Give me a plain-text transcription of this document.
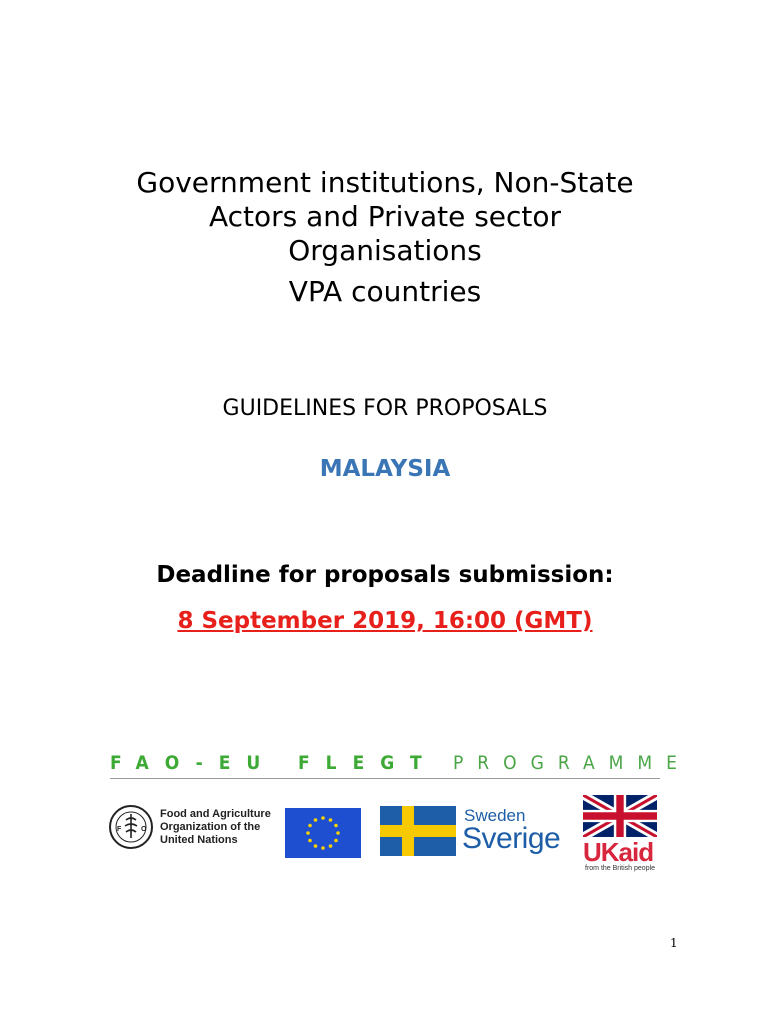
Government institutions, Non-State
Actors and Private sector
Organisations
VPA countries
GUIDELINES FOR PROPOSALS
MALAYSIA
Deadline for proposals submission:
8 September 2019, 16:00 (GMT)
FAO-EU FLEGT PROGRAMME
F	O
Food and Agriculture
Organization of the
United Nations
Sweden
Sverige UKaid
from the British people
1
